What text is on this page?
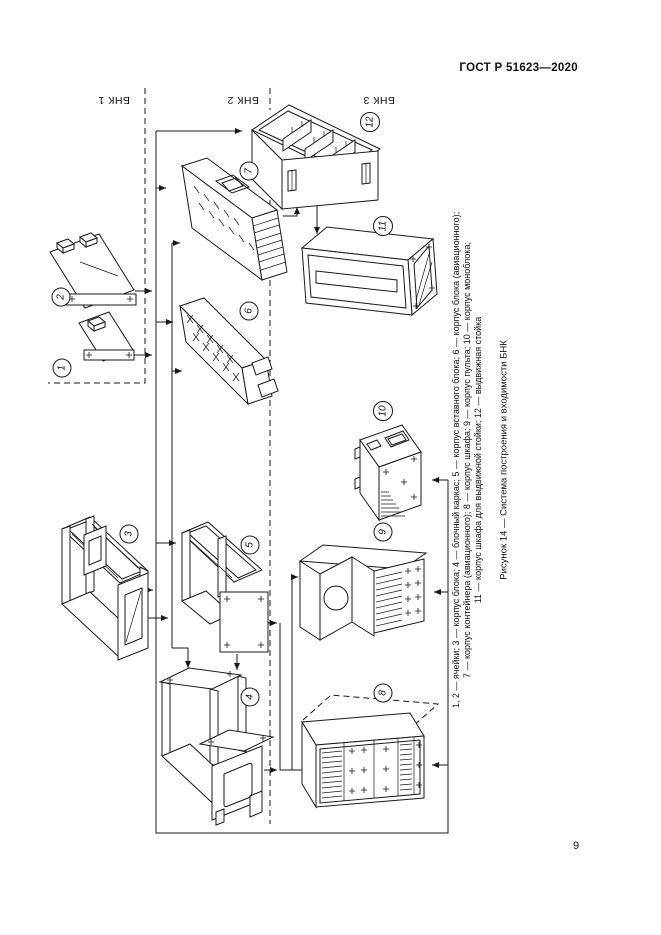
ГОСТ Р 51623—2020
1
2
3
4
5
6
7
8
9
10
11
12
БНК 1	БНК 2	БНК 3
1, 2 — ячейки; 3 — корпус блока; 4 — блочный каркас; 5 — корпус вставного блока; 6 — корпус блока (авиационного); 7 — корпус контейнера (авиационного); 8 — корпус шкафа; 9 — корпус пульта; 10 — корпус моноблока; 11 — корпус шкафа для выдвижной стойки; 12 — выдвижная стойка Рисунок 14 — Система построения и входимости БНК
9
